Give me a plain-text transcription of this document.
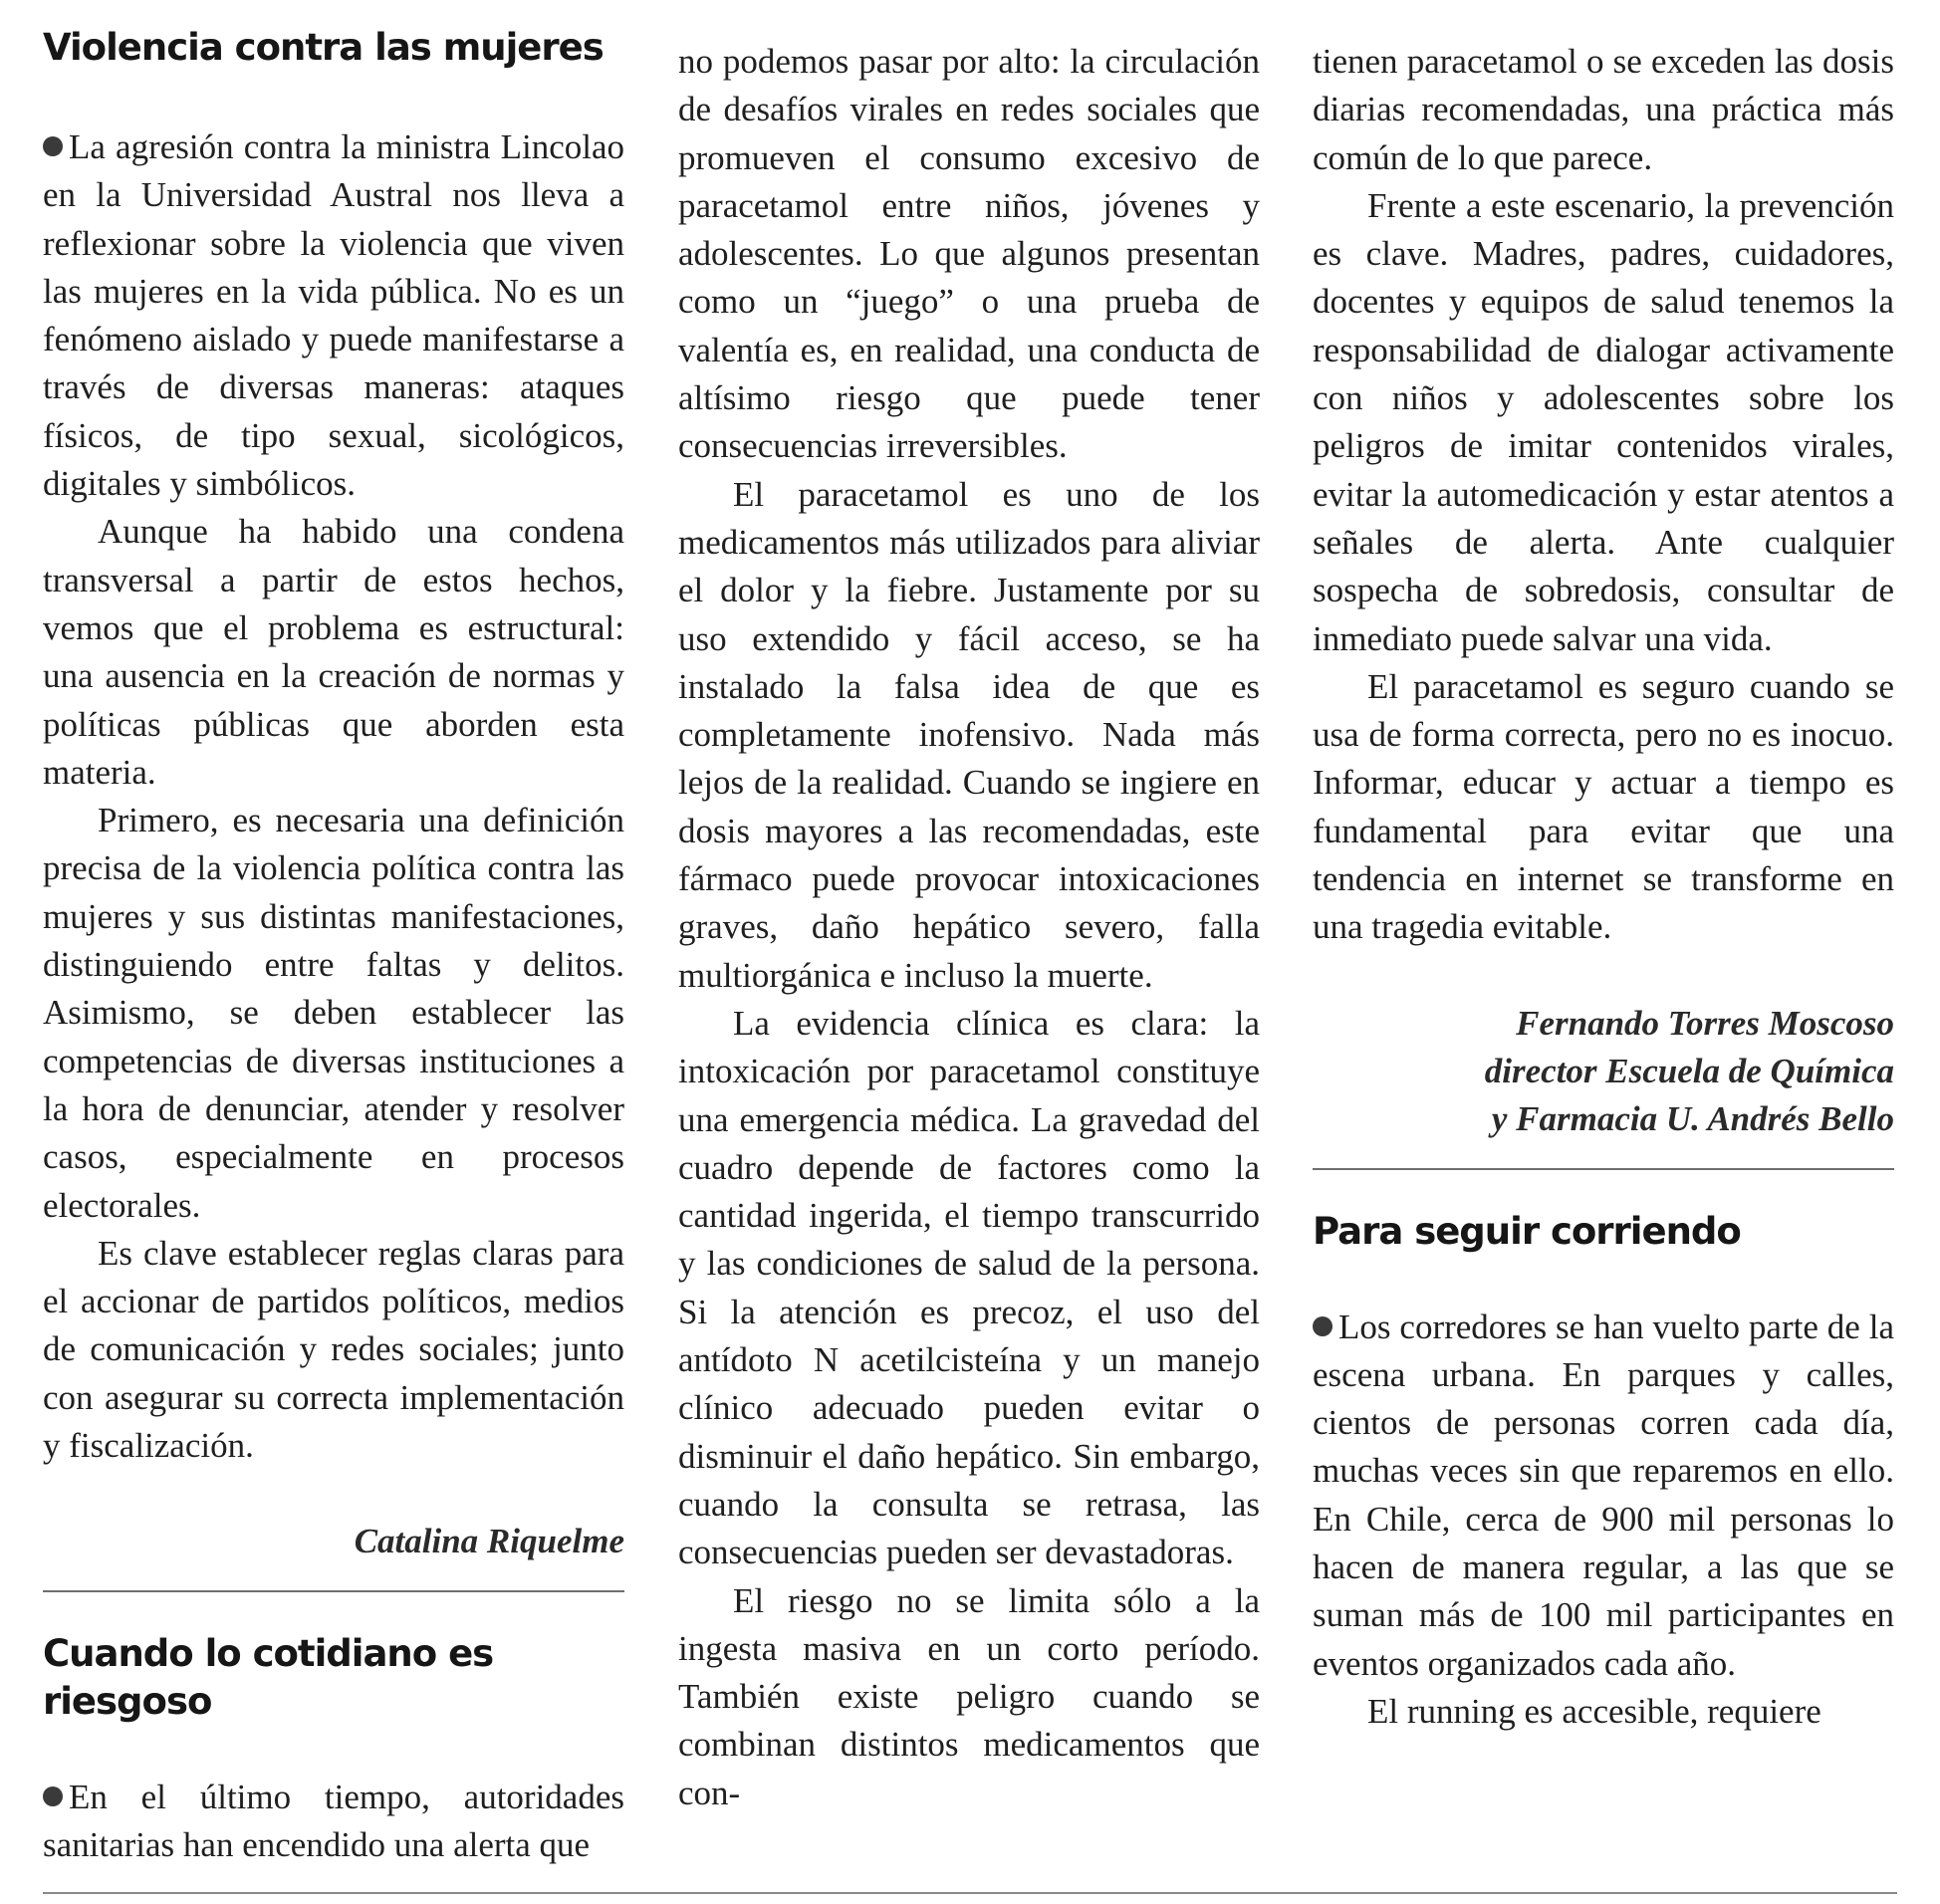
Violencia contra las mujeres

La agresión contra la ministra Lincolao en la Universidad Austral nos lleva a reflexionar sobre la violencia que viven las mujeres en la vida pública. No es un fenómeno aislado y puede manifestarse a través de diversas maneras: ataques físicos, de tipo sexual, sicológicos, digitales y simbólicos.

Aunque ha habido una condena transversal a partir de estos hechos, vemos que el problema es estructural: una ausencia en la creación de normas y políticas públicas que aborden esta materia.

Primero, es necesaria una definición precisa de la violencia política contra las mujeres y sus distintas manifestaciones, distinguiendo entre faltas y delitos. Asimismo, se deben establecer las competencias de diversas instituciones a la hora de denunciar, atender y resolver casos, especialmente en procesos electorales.

Es clave establecer reglas claras para el accionar de partidos políticos, medios de comunicación y redes sociales; junto con asegurar su correcta implementación y fiscalización.

Catalina Riquelme
Cuando lo cotidiano es riesgoso

En el último tiempo, autoridades sanitarias han encendido una alerta que

no podemos pasar por alto: la circulación de desafíos virales en redes sociales que promueven el consumo excesivo de paracetamol entre niños, jóvenes y adolescentes. Lo que algunos presentan como un “juego” o una prueba de valentía es, en realidad, una conducta de altísimo riesgo que puede tener consecuencias irreversibles.

El paracetamol es uno de los medicamentos más utilizados para aliviar el dolor y la fiebre. Justamente por su uso extendido y fácil acceso, se ha instalado la falsa idea de que es completamente inofensivo. Nada más lejos de la realidad. Cuando se ingiere en dosis mayores a las recomendadas, este fármaco puede provocar intoxicaciones graves, daño hepático severo, falla multiorgánica e incluso la muerte.

La evidencia clínica es clara: la intoxicación por paracetamol constituye una emergencia médica. La gravedad del cuadro depende de factores como la cantidad ingerida, el tiempo transcurrido y las condiciones de salud de la persona. Si la atención es precoz, el uso del antídoto N acetilcisteína y un manejo clínico adecuado pueden evitar o disminuir el daño hepático. Sin embargo, cuando la consulta se retrasa, las consecuencias pueden ser devastadoras.

El riesgo no se limita sólo a la ingesta masiva en un corto período. También existe peligro cuando se combinan distintos medicamentos que con-

tienen paracetamol o se exceden las dosis diarias recomendadas, una práctica más común de lo que parece.

Frente a este escenario, la prevención es clave. Madres, padres, cuidadores, docentes y equipos de salud tenemos la responsabilidad de dialogar activamente con niños y adolescentes sobre los peligros de imitar contenidos virales, evitar la automedicación y estar atentos a señales de alerta. Ante cualquier sospecha de sobredosis, consultar de inmediato puede salvar una vida.

El paracetamol es seguro cuando se usa de forma correcta, pero no es inocuo. Informar, educar y actuar a tiempo es fundamental para evitar que una tendencia en internet se transforme en una tragedia evitable.

Fernando Torres Moscoso
director Escuela de Química
y Farmacia U. Andrés Bello
Para seguir corriendo

Los corredores se han vuelto parte de la escena urbana. En parques y calles, cientos de personas corren cada día, muchas veces sin que reparemos en ello. En Chile, cerca de 900 mil personas lo hacen de manera regular, a las que se suman más de 100 mil participantes en eventos organizados cada año.

El running es accesible, requiere
